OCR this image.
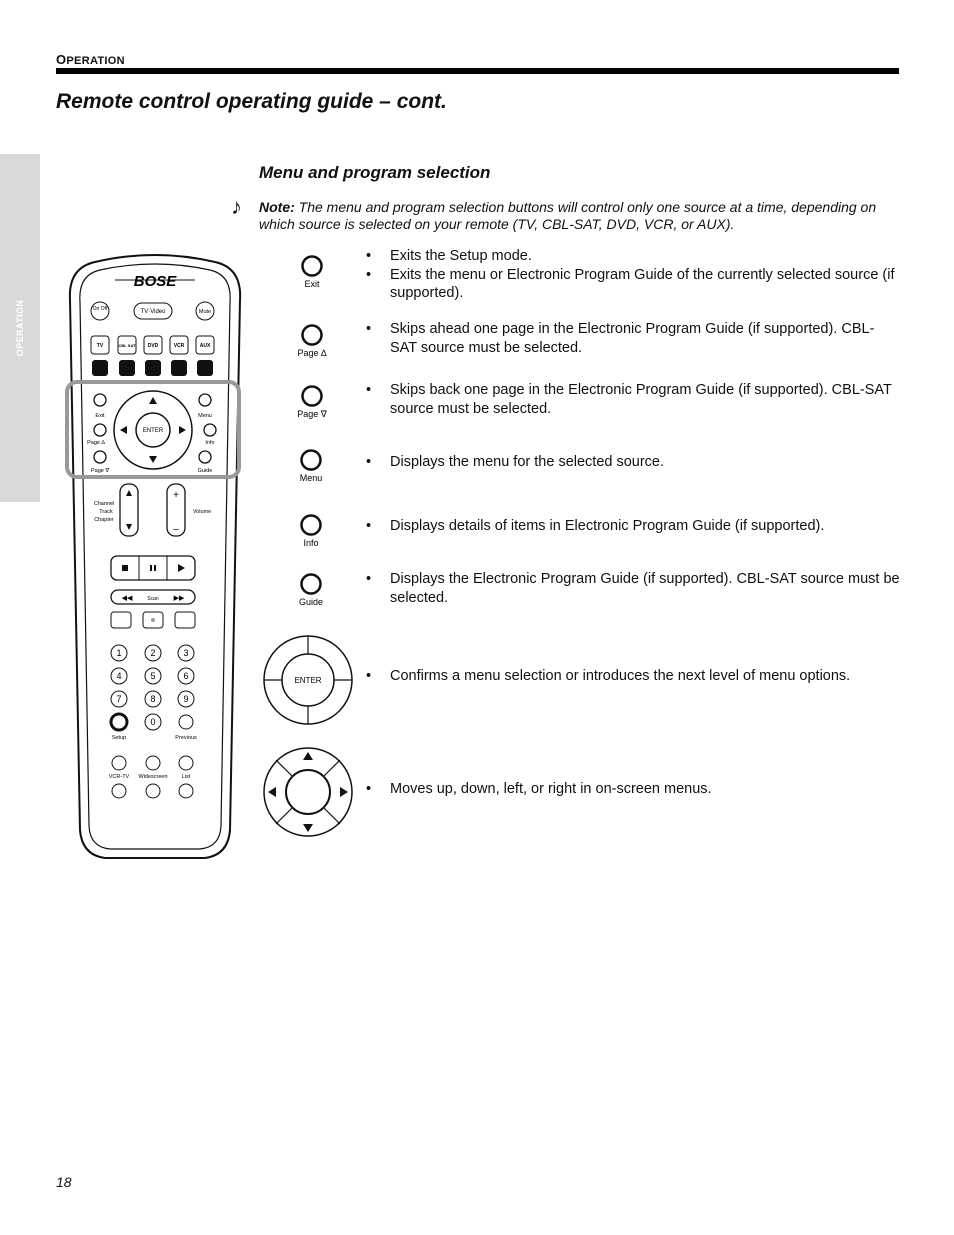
OPERATION
Remote control operating guide – cont.
OPERATION
Menu and program selection
♪ Note: The menu and program selection buttons will control only one source at a time, depending on which source is selected on your remote (TV, CBL-SAT, DVD, VCR, or AUX).
BOSE
On Off	TV·Video	Mute
TV	CBL SAT DVD	VCR	AUX
Exit	Menu
Page ∆	Info
Page ∇	Guide
ENTER
Channel
Track
Chapter
+
–
Volume
◀◀	Scan ▶▶
1	2	3
4	5	6
7	8	9
0
Setup	Previous
VCR-TV Widescreen	List
Exit
• Exits the Setup mode.
• Exits the menu or Electronic Program Guide of the currently selected source (if supported).
Page ∆
• Skips ahead one page in the Electronic Program Guide (if supported). CBL-SAT source must be selected.
Page ∇
• Skips back one page in the Electronic Program Guide (if supported). CBL-SAT source must be selected.
Menu
• Displays the menu for the selected source.
Info
• Displays details of items in Electronic Program Guide (if supported).
Guide
• Displays the Electronic Program Guide (if supported). CBL-SAT source must be selected.
ENTER
•	Confirms a menu selection or introduces the next level of menu options.
• Moves up, down, left, or right in on-screen menus.
18
